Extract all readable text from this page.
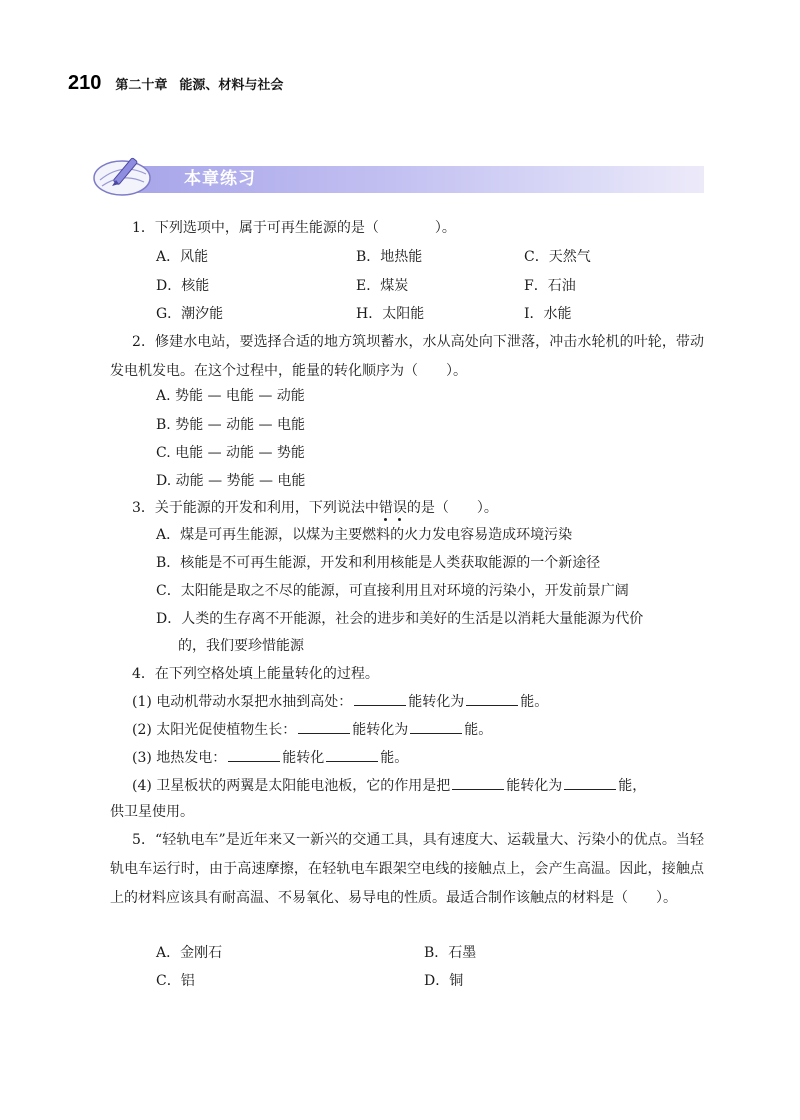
210 第二十章 能源、材料与社会
本章练习
1．下列选项中，属于可再生能源的是（　　　　）。
A．风能	B．地热能	C．天然气
D．核能	E．煤炭	F．石油
G．潮汐能	H．太阳能	I．水能
2．修建水电站，要选择合适的地方筑坝蓄水，水从高处向下泄落，冲击水轮机的叶轮，带动发电机发电。在这个过程中，能量的转化顺序为（　　）。
A. 势能 — 电能 — 动能
B. 势能 — 动能 — 电能
C. 电能 — 动能 — 势能
D. 动能 — 势能 — 电能
3．关于能源的开发和利用，下列说法中错误的是（　　）。
A．煤是可再生能源，以煤为主要燃料的火力发电容易造成环境污染
B．核能是不可再生能源，开发和利用核能是人类获取能源的一个新途径
C．太阳能是取之不尽的能源，可直接利用且对环境的污染小，开发前景广阔
D．人类的生存离不开能源，社会的进步和美好的生活是以消耗大量能源为代价
的，我们要珍惜能源
4．在下列空格处填上能量转化的过程。
(1) 电动机带动水泵把水抽到高处：	能转化为	能。
(2) 太阳光促使植物生长：	能转化为	能。
(3) 地热发电：	能转化	能。
(4) 卫星板状的两翼是太阳能电池板，它的作用是把	能转化为	能，
供卫星使用。
5．“轻轨电车”是近年来又一新兴的交通工具，具有速度大、运载量大、污染小的优点。当轻轨电车运行时，由于高速摩擦，在轻轨电车跟架空电线的接触点上，会产生高温。因此，接触点上的材料应该具有耐高温、不易氧化、易导电的性质。最适合制作该触点的材料是（　　）。
A．金刚石	B．石墨
C．铝	D．铜
